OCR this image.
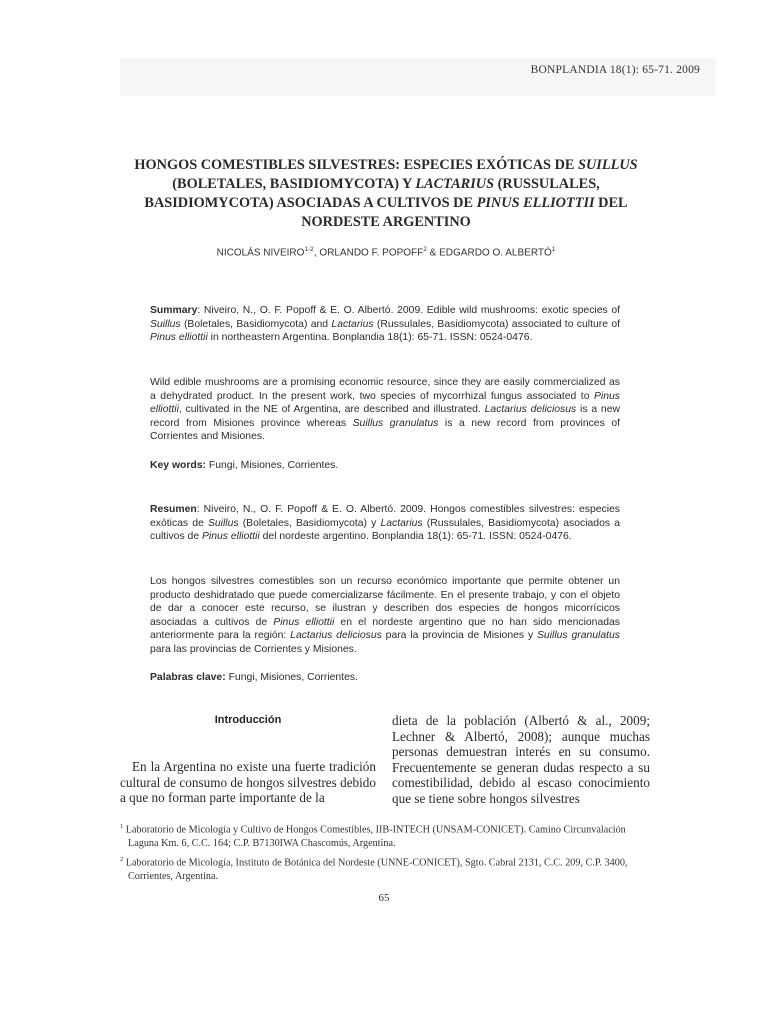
BONPLANDIA 18(1): 65-71. 2009
HONGOS COMESTIBLES SILVESTRES: ESPECIES EXÓTICAS DE SUILLUS (BOLETALES, BASIDIOMYCOTA) Y LACTARIUS (RUSSULALES, BASIDIOMYCOTA) ASOCIADAS A CULTIVOS DE PINUS ELLIOTTII DEL NORDESTE ARGENTINO
NICOLÁS NIVEIRO$^{1-2}$, ORLANDO F. POPOFF$^2$ & EDGARDO O. ALBERTÓ$^1$

Summary: Niveiro, N., O. F. Popoff & E. O. Albertó. 2009. Edible wild mushrooms: exotic species of Suillus (Boletales, Basidiomycota) and Lactarius (Russulales, Basidiomycota) associated to culture of Pinus elliottii in northeastern Argentina. Bonplandia 18(1): 65-71. ISSN: 0524-0476.

Wild edible mushrooms are a promising economic resource, since they are easily commercialized as a dehydrated product. In the present work, two species of mycorrhizal fungus associated to Pinus elliottii, cultivated in the NE of Argentina, are described and illustrated. Lactarius deliciosus is a new record from Misiones province whereas Suillus granulatus is a new record from provinces of Corrientes and Misiones.

Key words: Fungi, Misiones, Corrientes.

Resumen: Niveiro, N., O. F. Popoff & E. O. Albertó. 2009. Hongos comestibles silvestres: especies exóticas de Suillus (Boletales, Basidiomycota) y Lactarius (Russulales, Basidiomycota) asociados a cultivos de Pinus elliottii del nordeste argentino. Bonplandia 18(1): 65-71. ISSN: 0524-0476.

Los hongos silvestres comestibles son un recurso económico importante que permite obtener un producto deshidratado que puede comercializarse fácilmente. En el presente trabajo, y con el objeto de dar a conocer este recurso, se ilustran y describen dos especies de hongos micorrícicos asociadas a cultivos de Pinus elliottii en el nordeste argentino que no han sido mencionadas anteriormente para la región: Lactarius deliciosus para la provincia de Misiones y Suillus granulatus para las provincias de Corrientes y Misiones.

Palabras clave: Fungi, Misiones, Corrientes.

Introducción

En la Argentina no existe una fuerte tradición cultural de consumo de hongos silvestres debido a que no forman parte importante de la

dieta de la población (Albertó & al., 2009; Lechner & Albertó, 2008); aunque muchas personas demuestran interés en su consumo. Frecuentemente se generan dudas respecto a su comestibilidad, debido al escaso conocimiento que se tiene sobre hongos silvestres

$^1$ Laboratorio de Micología y Cultivo de Hongos Comestibles, IIB-INTECH (UNSAM-CONICET). Camino Circunvalación Laguna Km. 6, C.C. 164; C.P. B7130IWA Chascomús, Argentina.

$^2$ Laboratorio de Micología, Instituto de Botánica del Nordeste (UNNE-CONICET), Sgto. Cabral 2131, C.C. 209, C.P. 3400, Corrientes, Argentina.

65
